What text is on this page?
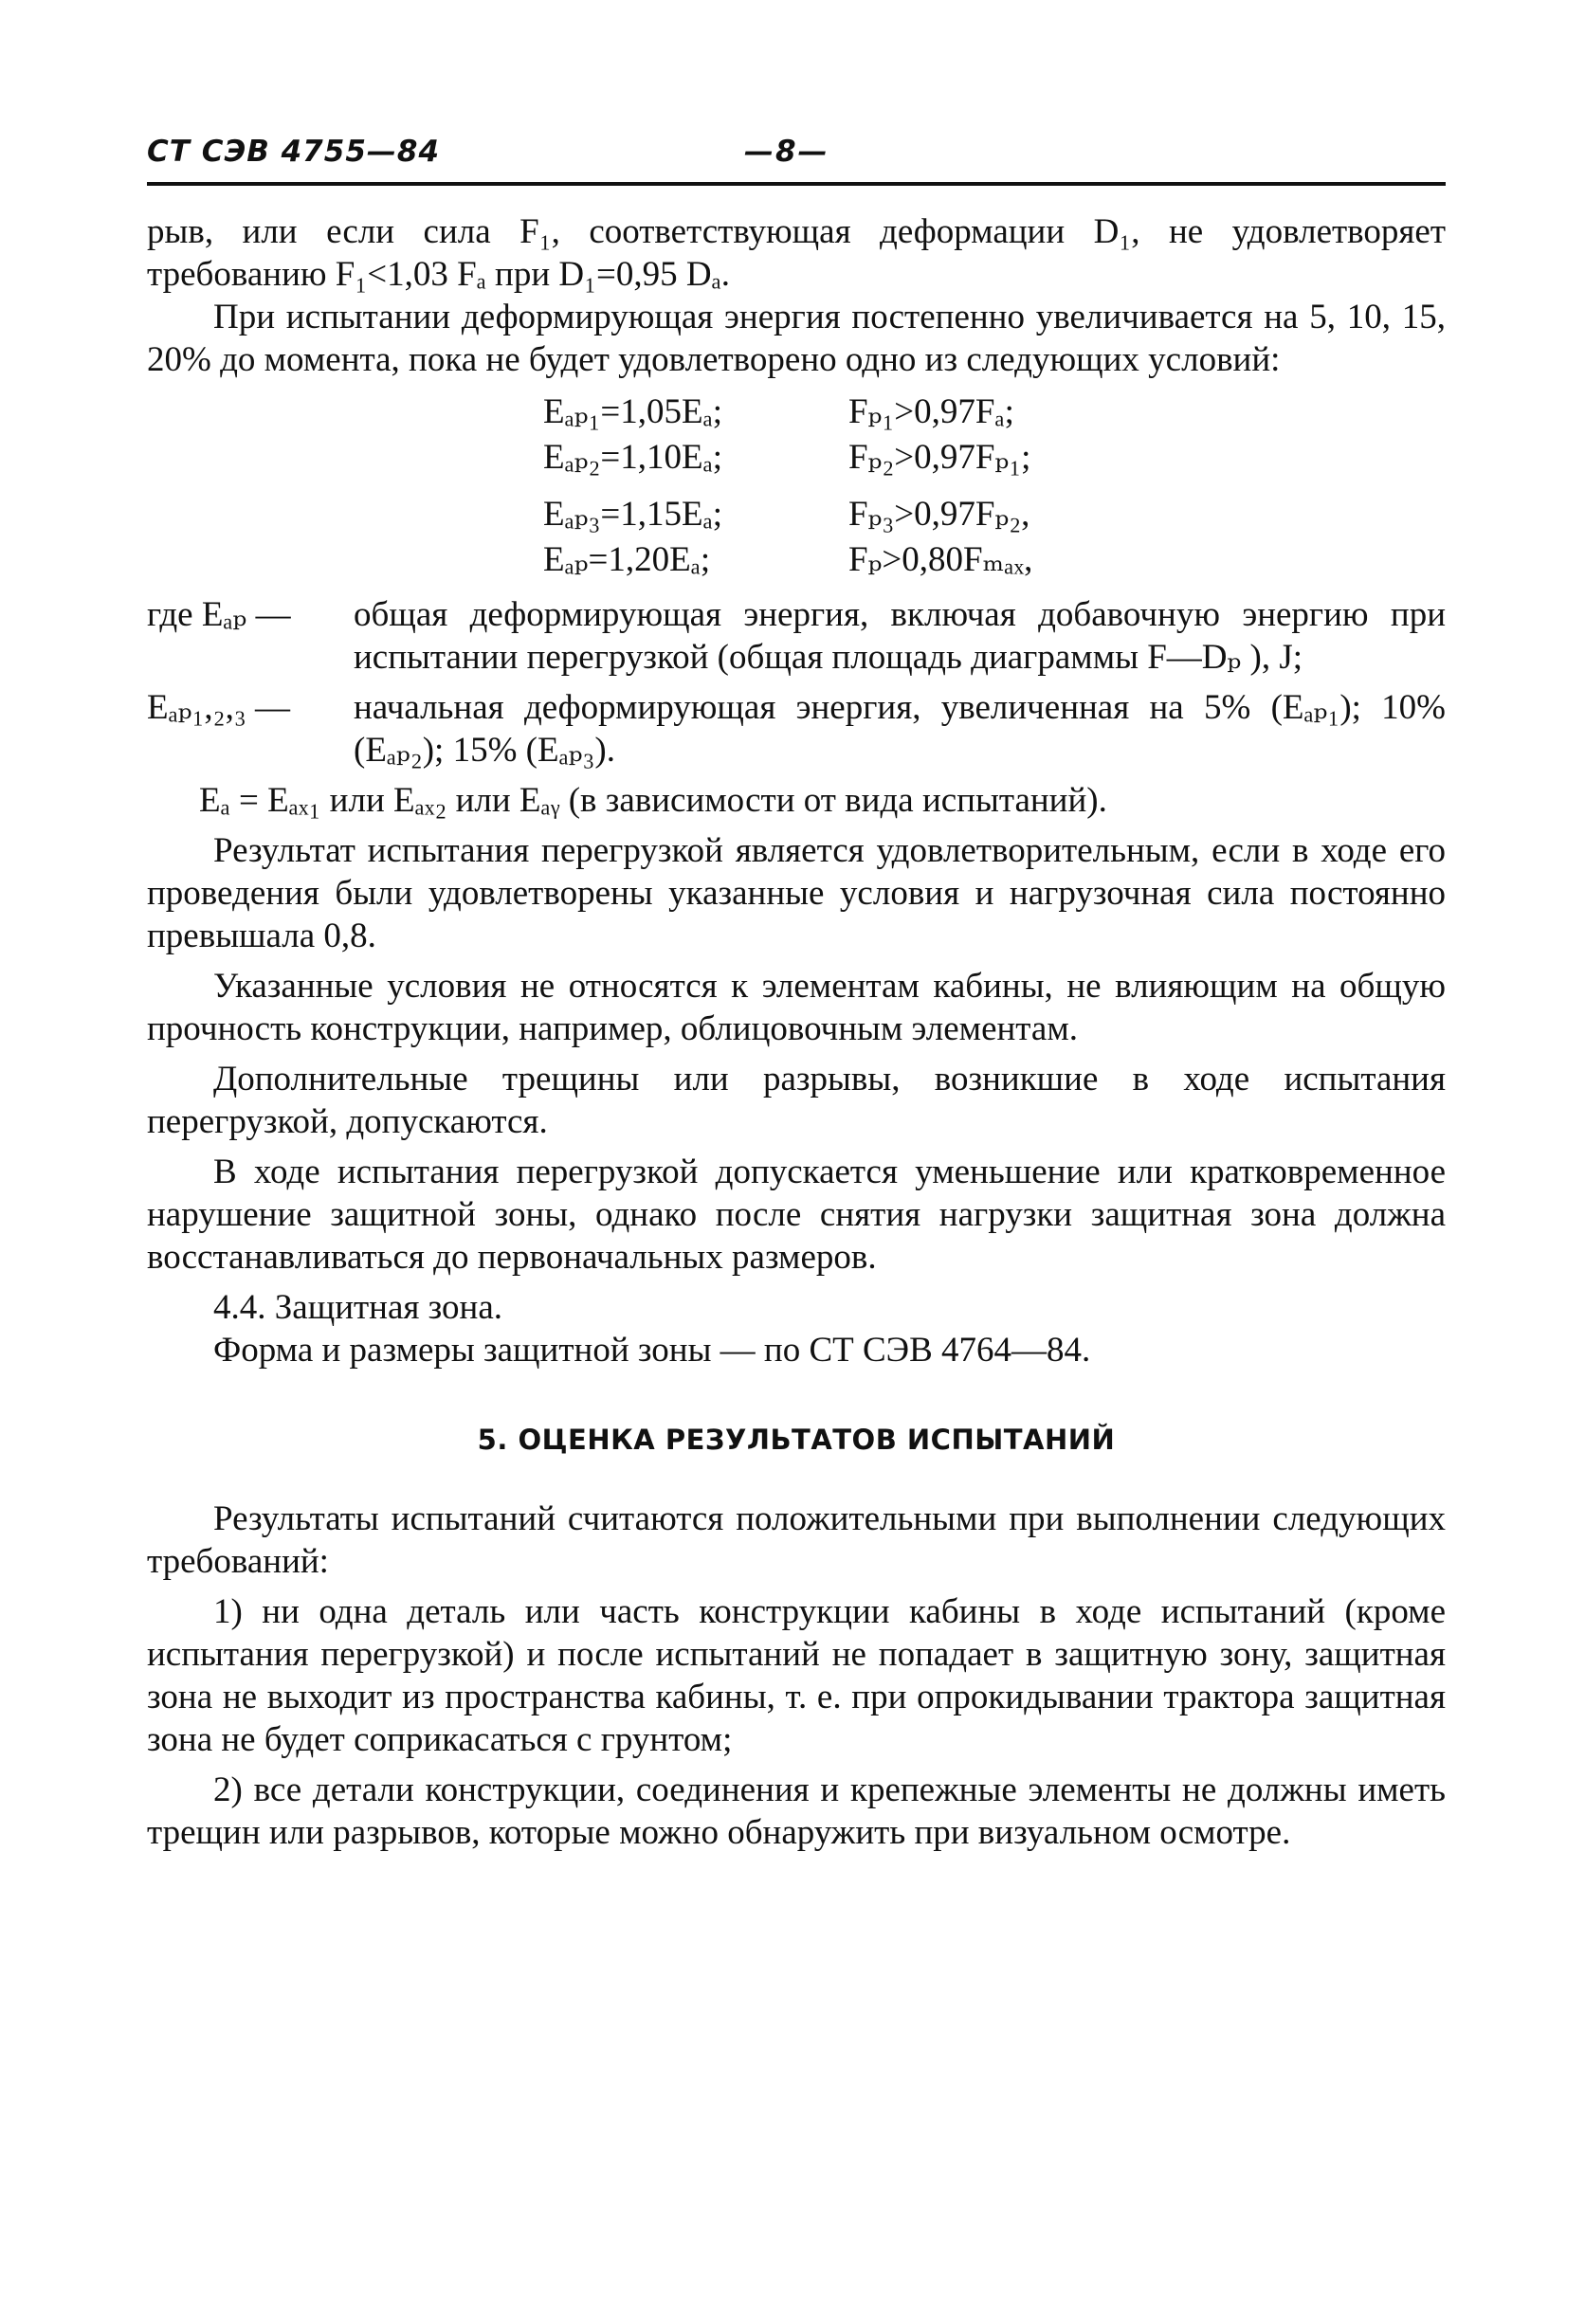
СТ СЭВ 4755—84	—8—

рыв, или если сила F₁, соответствующая деформации D₁, не удовлетворяет требованию F₁<1,03 Fₐ при D₁=0,95 Dₐ.

При испытании деформирующая энергия постепенно увеличивается на 5, 10, 15, 20% до момента, пока не будет удовлетворено одно из следующих условий:

Eₐₚ₁=1,05Eₐ;	Fₚ₁>0,97Fₐ;
Eₐₚ₂=1,10Eₐ;	Fₚ₂>0,97Fₚ₁;
Eₐₚ₃=1,15Eₐ;	Fₚ₃>0,97Fₚ₂,
Eₐₚ=1,20Eₐ;	Fₚ>0,80Fₘₐₓ,
где Eₐₚ — общая деформирующая энергия, включая добавочную энергию при испытании перегрузкой (общая площадь диаграммы F—Dₚ ), J;

Eₐₚ₁,₂,₃ — начальная деформирующая энергия, увеличенная на 5% (Eₐₚ₁); 10% (Eₐₚ₂); 15% (Eₐₚ₃).

Eₐ = Eₐₓ₁ или Eₐₓ₂ или Eₐᵧ (в зависимости от вида испытаний).

Результат испытания перегрузкой является удовлетворительным, если в ходе его проведения были удовлетворены указанные условия и нагрузочная сила постоянно превышала 0,8.

Указанные условия не относятся к элементам кабины, не влияющим на общую прочность конструкции, например, облицовочным элементам.

Дополнительные трещины или разрывы, возникшие в ходе испытания перегрузкой, допускаются.

В ходе испытания перегрузкой допускается уменьшение или кратковременное нарушение защитной зоны, однако после снятия нагрузки защитная зона должна восстанавливаться до первоначальных размеров.

4.4. Защитная зона.

Форма и размеры защитной зоны — по СТ СЭВ 4764—84.

5. ОЦЕНКА РЕЗУЛЬТАТОВ ИСПЫТАНИЙ

Результаты испытаний считаются положительными при выполнении следующих требований:

1) ни одна деталь или часть конструкции кабины в ходе испытаний (кроме испытания перегрузкой) и после испытаний не попадает в защитную зону, защитная зона не выходит из пространства кабины, т. е. при опрокидывании трактора защитная зона не будет соприкасаться с грунтом;

2) все детали конструкции, соединения и крепежные элементы не должны иметь трещин или разрывов, которые можно обнаружить при визуальном осмотре.
